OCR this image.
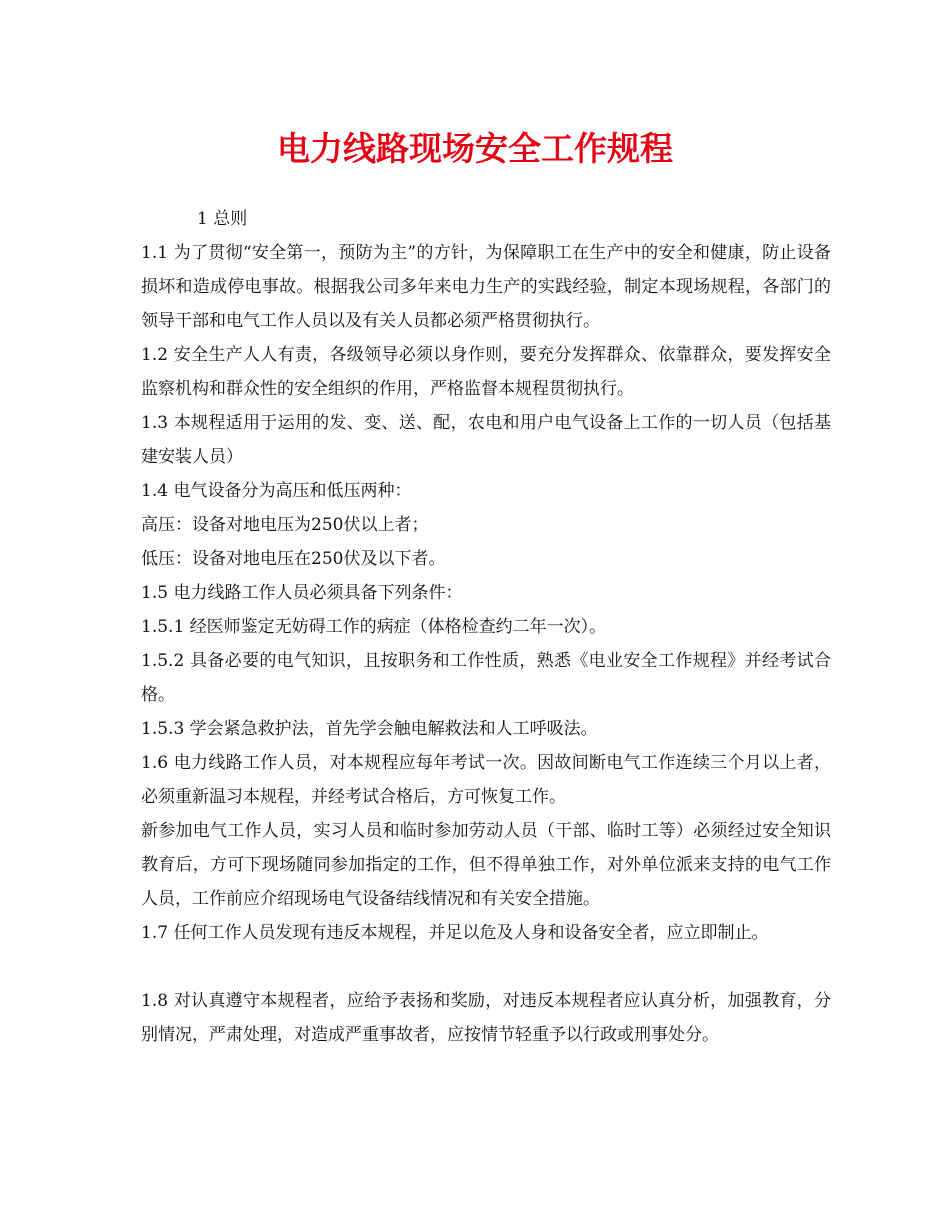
电力线路现场安全工作规程

1 总则

1.1 为了贯彻“安全第一，预防为主”的方针，为保障职工在生产中的安全和健康，防止设备损坏和造成停电事故。根据我公司多年来电力生产的实践经验，制定本现场规程，各部门的领导干部和电气工作人员以及有关人员都必须严格贯彻执行。

1.2 安全生产人人有责，各级领导必须以身作则，要充分发挥群众、依靠群众，要发挥安全监察机构和群众性的安全组织的作用，严格监督本规程贯彻执行。

1.3 本规程适用于运用的发、变、送、配，农电和用户电气设备上工作的一切人员（包括基建安装人员）

1.4 电气设备分为高压和低压两种：

高压：设备对地电压为250伏以上者；

低压：设备对地电压在250伏及以下者。

1.5 电力线路工作人员必须具备下列条件：

1.5.1 经医师鉴定无妨碍工作的病症（体格检查约二年一次）。

1.5.2 具备必要的电气知识，且按职务和工作性质，熟悉《电业安全工作规程》并经考试合格。

1.5.3 学会紧急救护法，首先学会触电解救法和人工呼吸法。

1.6 电力线路工作人员，对本规程应每年考试一次。因故间断电气工作连续三个月以上者，必须重新温习本规程，并经考试合格后，方可恢复工作。

新参加电气工作人员，实习人员和临时参加劳动人员（干部、临时工等）必须经过安全知识教育后，方可下现场随同参加指定的工作，但不得单独工作，对外单位派来支持的电气工作人员，工作前应介绍现场电气设备结线情况和有关安全措施。

1.7 任何工作人员发现有违反本规程，并足以危及人身和设备安全者，应立即制止。

1.8 对认真遵守本规程者，应给予表扬和奖励，对违反本规程者应认真分析，加强教育，分别情况，严肃处理，对造成严重事故者，应按情节轻重予以行政或刑事处分。
